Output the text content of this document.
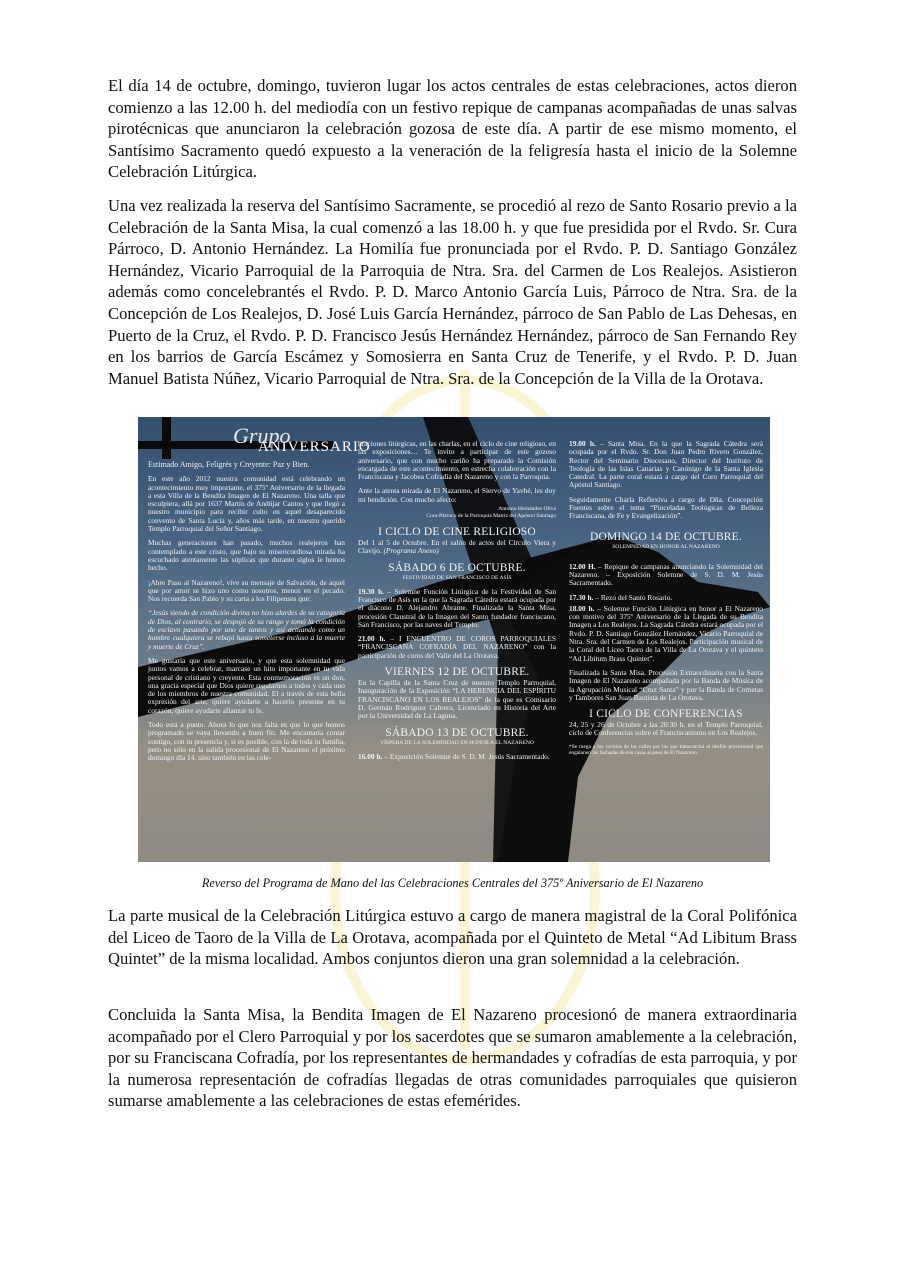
El día 14 de octubre, domingo, tuvieron lugar los actos centrales de estas celebraciones, actos dieron comienzo a las 12.00 h. del mediodía con un festivo repique de campanas acompañadas de unas salvas pirotécnicas que anunciaron la celebración gozosa de este día. A partir de ese mismo momento, el Santísimo Sacramento quedó expuesto a la veneración de la feligresía hasta el inicio de la Solemne Celebración Litúrgica.

Una vez realizada la reserva del Santísimo Sacramente, se procedió al rezo de Santo Rosario previo a la Celebración de la Santa Misa, la cual comenzó a las 18.00 h. y que fue presidida por el Rvdo. Sr. Cura Párroco, D. Antonio Hernández. La Homilía fue pronunciada por el Rvdo. P. D. Santiago González Hernández, Vicario Parroquial de la Parroquia de Ntra. Sra. del Carmen de Los Realejos. Asistieron además como concelebrantés el Rvdo. P. D. Marco Antonio García Luis, Párroco de Ntra. Sra. de la Concepción de Los Realejos, D. José Luis García Hernández, párroco de San Pablo de Las Dehesas, en Puerto de la Cruz, el Rvdo. P. D. Francisco Jesús Hernández Hernández, párroco de San Fernando Rey en los barrios de García Escámez y Somosierra en Santa Cruz de Tenerife, y el Rvdo. P. D. Juan Manuel Batista Núñez, Vicario Parroquial de Ntra. Sra. de la Concepción de la Villa de la Orotava.

Grupo
ANIVERSARIO

Estimado Amigo, Feligrés y Creyente: Paz y Bien.

En este año 2012 nuestra comunidad está celebrando un acontecimiento muy importante, el 375º Aniversario de la llegada a esta Villa de la Bendita Imagen de El Nazareno. Una talla que esculpiera, allá por 1637 Martín de Andújar Cantos y que llegó a nuestro municipio para recibir culto en aquel desaparecido convento de Santa Lucía y, años más tarde, en nuestro querido Templo Parroquial del Señor Santiago.

Muchas generaciones han pasado, muchos realejeros han contemplado a este cristo, que bajo su misericordiosa mirada ha escuchado atentamente las súplicas que durante siglos le hemos hecho.

¡Abre Paso al Nazareno!, vive su mensaje de Salvación, de aquel que por amor se hizo uno como nosotros, menos en el pecado. Nos recuerda San Pablo y su carta a los Filipenses que:

“Jesús siendo de condición divina no hizo alardes de su categoría de Dios, al contrario, se despojó de su rango y tomó la condición de esclavo pasando por uno de tantos y así actuando como un hombre cualquiera se rebajó hasta someterse incluso a la muerte y muerte de Cruz”.

Me gustaría que este aniversario, y que esta solemnidad que juntos vamos a celebrar, marcase un hito importante en tu vida personal de cristiano y creyente. Esta conmemoración es un don, una gracia especial que Dios quiere regalarnos a todos y cada uno de los miembros de nuestra comunidad. El a través de esta bella expresión del arte, quiere ayudarte a hacerlo presente en tu corazón, quiere ayudarte afianzar tu fe.

Todo está a punto. Ahora lo que nos falta es que lo que hemos programado se vaya llevando a buen fin. Me encantaría contar contigo, con tu presencia y, si es posible, con la de toda tu familia, pero no sólo en la salida procesional de El Nazareno el próximo domingo día 14, sino también en las cele-

braciones litúrgicas, en las charlas, en el ciclo de cine religioso, en las exposiciones… Te invito a participar de este gozoso aniversario, que con mucho cariño ha preparado la Comisión encargada de este acontecimiento, en estrecha colaboración con la Franciscana y Jacobea Cofradía del Nazareno y con la Parroquia.

Ante la atenta mirada de El Nazareno, el Siervo de Yavhé, les doy mi bendición. Con mucho afecto:

Antonio Hernández Oliva

Cura-Párroco de la Parroquia Matriz del Apóstol Santiago

I CICLO DE CINE RELIGIOSO

Del 1 al 5 de Octubre. En el salón de actos del Círculo Viera y Clavijo. (Programa Anexo)

SÁBADO 6 DE OCTUBRE.
FESTIVIDAD DE SAN FRANCISCO DE ASÍS

19.30 h. – Solemne Función Litúrgica de la Festividad de San Francisco de Asís en la que la Sagrada Cátedra estará ocupada por el diácono D. Alejandro Abrante. Finalizada la Santa Misa, procesión Claustral de la Imagen del Santo fundador franciscano, San Francisco, por las naves del Templo.

21.00 h. – I ENCUENTRO DE COROS PARROQUIALES “FRANCISCANA COFRADÍA DEL NAZARENO” con la participación de coros del Valle del La Orotava.

VIERNES 12 DE OCTUBRE.

En la Capilla de la Santa Cruz de nuestro Templo Parroquial, Inauguración de la Exposición “LA HERENCIA DEL ESPÍRITU FRANCISCANO EN LOS REALEJOS” de la que es Comisario D. Germán Rodríguez Cabrera, Licenciado en Historia del Arte por la Universidad de La Laguna.

SÁBADO 13 DE OCTUBRE.
VÍSPERA DE LA SOLEMNIDAD EN HONOR A EL NAZARENO

16.00 h. – Exposición Solemne de S. D. M. Jesús Sacramentado.

19.00 h. – Santa Misa. En la que la Sagrada Cátedra será ocupada por el Rvdo. Sr. Don Juan Pedro Rivero González, Rector del Seminario Diocesano, Director del Instituto de Teología de las Islas Canarias y Canónigo de la Santa Iglesia Catedral. La parte coral estará a cargo del Coro Parroquial del Apóstol Santiago.

Seguidamente Charla Reflexiva a cargo de Dña. Concepción Fuentes sobre el tema “Pinceladas Teológicas de Belleza Franciscana, de Fe y Evangelización”.

DOMINGO 14 DE OCTUBRE.
SOLEMNIDAD EN HONOR AL NAZARENO

12.00 H. – Repique de campanas anunciando la Solemnidad del Nazareno. – Exposición Solemne de S. D. M. Jesús Sacramentado.

17.30 h. – Rezo del Santo Rosario.

18.00 h. – Solemne Función Litúrgica en honor a El Nazareno con motivo del 375º Aniversario de la Llegada de su Bendita Imagen a Los Realejos. La Sagrada Cátedra estará ocupada por el Rvdo. P. D. Santiago González Hernández, Vicario Parroquial de Ntra. Sra. del Carmen de Los Realejos. Participación musical de la Coral del Liceo Taoro de la Villa de La Orotava y el quinteto “Ad Libitum Brass Quintet”.

Finalizada la Santa Misa. Procesión Extraordinaria con la Santa Imagen de El Nazareno acompañada por la Banda de Música de la Agrupación Musical “Cruz Santa” y por la Banda de Cornetas y Tambores San Juan Bautista de La Orotava.

I CICLO DE CONFERENCIAS

24, 25 y 26 de Octubre a las 20:30 h. en el Templo Parroquial, ciclo de Conferencias sobre el Franciscanismo en Los Realejos.

*Se ruega a los vecinos de las calles por las que transcurrirá el desfile procesional que engalanen las fachadas de sus casas al paso de El Nazareno.

Reverso del Programa de Mano del las Celebraciones Centrales del 375º Aniversario de El Nazareno

La parte musical de la Celebración Litúrgica estuvo a cargo de manera magistral de la Coral Polifónica del Liceo de Taoro de la Villa de La Orotava, acompañada por el Quinteto de Metal “Ad Libitum Brass Quintet” de la misma localidad. Ambos conjuntos dieron una gran solemnidad a la celebración.

Concluida la Santa Misa, la Bendita Imagen de El Nazareno procesionó de manera extraordinaria acompañado por el Clero Parroquial y por los sacerdotes que se sumaron amablemente a la celebración, por su Franciscana Cofradía, por los representantes de hermandades y cofradías de esta parroquia, y por la numerosa representación de cofradías llegadas de otras comunidades parroquiales que quisieron sumarse amablemente a las celebraciones de estas efemérides.
